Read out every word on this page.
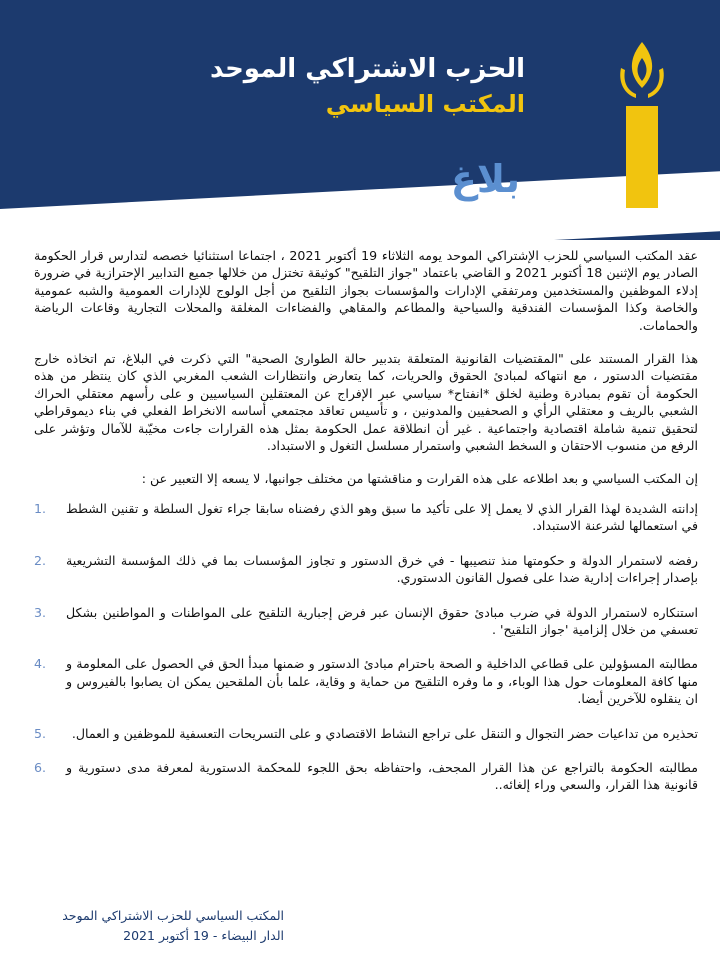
الحزب الاشتراكي الموحد
المكتب السياسي
بلاغ

عقد المكتب السياسي للحزب الإشتراكي الموحد يومه الثلاثاء 19 أكتوبر 2021 ، اجتماعا استثنائيا خصصه لتدارس قرار الحكومة الصادر يوم الإثنين 18 أكتوبر 2021 و القاضي باعتماد "جواز التلقيح" كوثيقة تختزل من خلالها جميع التدابير الإحترازية في ضرورة إدلاء الموظفين والمستخدمين ومرتفقي الإدارات والمؤسسات بجواز التلقيح من أجل الولوج للإدارات العمومية والشبه عمومية والخاصة وكذا المؤسسات الفندقية والسياحية والمطاعم والمقاهي والفضاءات المغلقة والمحلات التجارية وقاعات الرياضة والحمامات.

هذا القرار المستند على "المقتضيات القانونية المتعلقة بتدبير حالة الطوارئ الصحية" التي ذكرت في البلاغ، تم اتخاذه خارج مقتضيات الدستور ، مع انتهاكه لمبادئ الحقوق والحريات، كما يتعارض وانتظارات الشعب المغربي الذي كان ينتظر من هذه الحكومة أن تقوم بمبادرة وطنية لخلق *انفتاح* سياسي عبر الإفراج عن المعتقلين السياسيين و على رأسهم معتقلي الحراك الشعبي بالريف و معتقلي الرأي و الصحفيين والمدونين ، و تأسيس تعاقد مجتمعي أساسه الانخراط الفعلي في بناء ديموقراطي لتحقيق تنمية شاملة اقتصادية واجتماعية . غير أن انطلاقة عمل الحكومة بمثل هذه القرارات جاءت مخيّبة للآمال وتؤشر على الرفع من منسوب الاحتقان و السخط الشعبي واستمرار مسلسل التغول و الاستبداد.

إن المكتب السياسي و بعد اطلاعه على هذه القرارت و مناقشتها من مختلف جوانبها، لا يسعه إلا التعبير عن :

1.	إدانته الشديدة لهذا القرار الذي لا يعمل إلا على تأكيد ما سبق وهو الذي رفضناه سابقا جراء تغول السلطة و تقنين الشطط في استعمالها لشرعنة الاستبداد.
2.	رفضه لاستمرار الدولة و حكومتها منذ تنصيبها - في خرق الدستور و تجاوز المؤسسات بما في ذلك المؤسسة التشريعية بإصدار إجراءات إدارية ضدا على فصول القانون الدستوري.
3.	استنكاره لاستمرار الدولة في ضرب مبادئ حقوق الإنسان عبر فرض إجبارية التلقيح على المواطنات و المواطنين بشكل تعسفي من خلال إلزامية 'جواز التلقيح' .
4.	مطالبته المسؤولين على قطاعي الداخلية و الصحة باحترام مبادئ الدستور و ضمنها مبدأ الحق في الحصول على المعلومة و منها كافة المعلومات حول هذا الوباء، و ما وفره التلقيح من حماية و وقاية، علما بأن الملقحين يمكن ان يصابوا بالفيروس و ان ينقلوه للآخرين أيضا.
5.	تحذيره من تداعيات حضر التجوال و التنقل على تراجع النشاط الاقتصادي و على التسريحات التعسفية للموظفين و العمال.
6.	مطالبته الحكومة بالتراجع عن هذا القرار المجحف، واحتفاظه بحق اللجوء للمحكمة الدستورية لمعرفة مدى دستورية و قانونية هذا القرار، والسعي وراء إلغائه..
المكتب السياسي للحزب الاشتراكي الموحد
الدار البيضاء - 19 أكتوبر 2021
